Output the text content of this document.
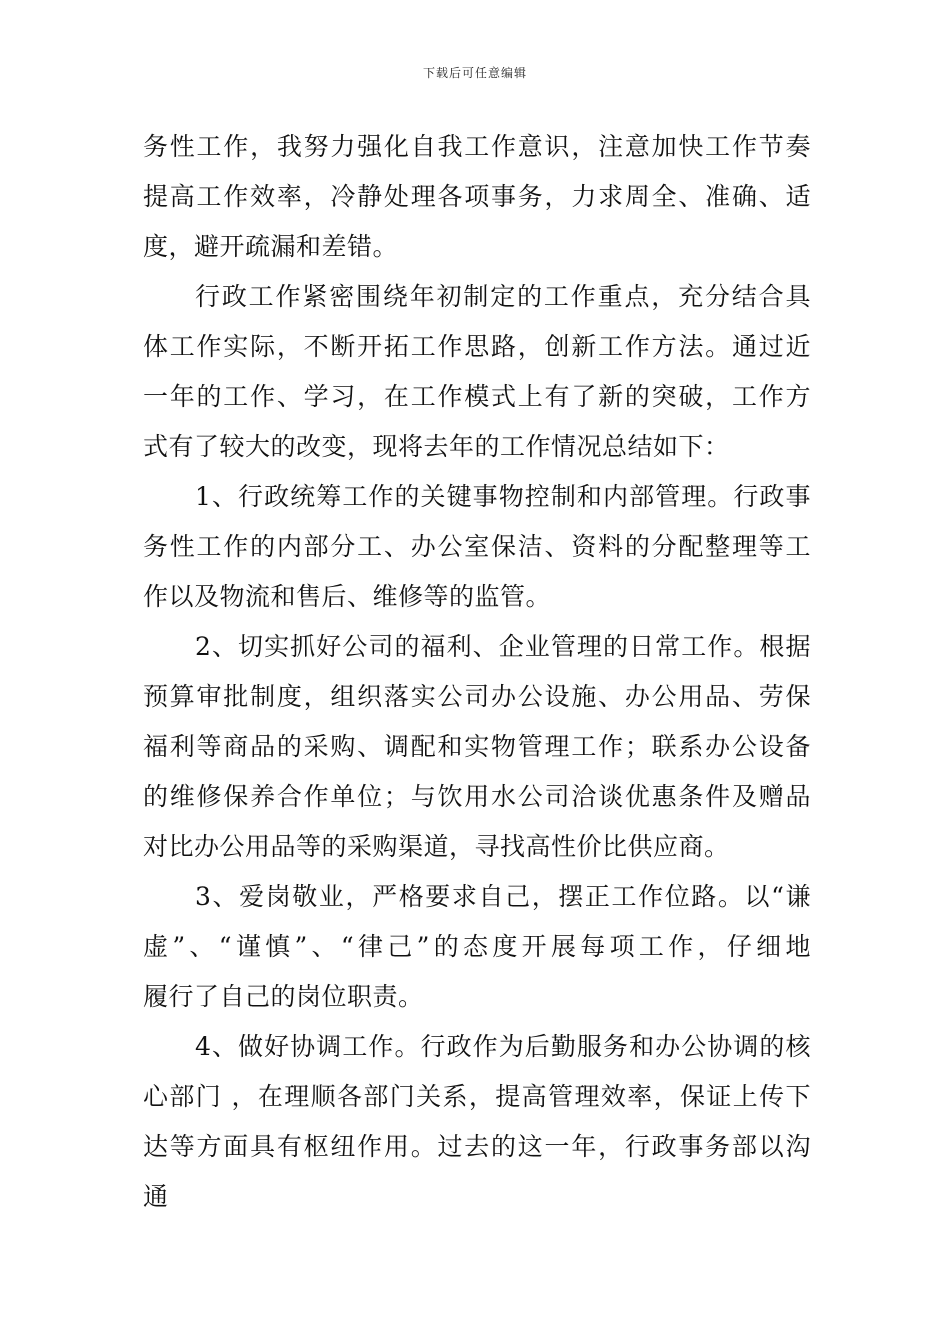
下载后可任意编辑
务性工作，我努力强化自我工作意识，注意加快工作节奏
提高工作效率，冷静处理各项事务，力求周全、准确、适
度，避开疏漏和差错。
行政工作紧密围绕年初制定的工作重点，充分结合具
体工作实际，不断开拓工作思路，创新工作方法。通过近
一年的工作、学习，在工作模式上有了新的突破，工作方
式有了较大的改变，现将去年的工作情况总结如下：
1、行政统筹工作的关键事物控制和内部管理。行政事
务性工作的内部分工、办公室保洁、资料的分配整理等工
作以及物流和售后、维修等的监管。
2、切实抓好公司的福利、企业管理的日常工作。根据
预算审批制度，组织落实公司办公设施、办公用品、劳保
福利等商品的采购、调配和实物管理工作；联系办公设备
的维修保养合作单位；与饮用水公司洽谈优惠条件及赠品
对比办公用品等的采购渠道，寻找高性价比供应商。
3、爱岗敬业，严格要求自己，摆正工作位路。以“谦
虚”、“谨慎”、“律己”的态度开展每项工作，仔细地
履行了自己的岗位职责。
4、做好协调工作。行政作为后勤服务和办公协调的核
心部门 ，在理顺各部门关系，提高管理效率，保证上传下
达等方面具有枢纽作用。过去的这一年，行政事务部以沟
通
